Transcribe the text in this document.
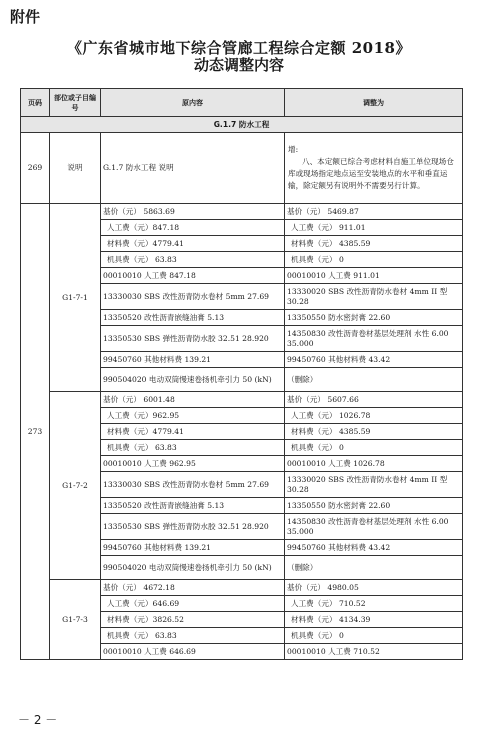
附件
《广东省城市地下综合管廊工程综合定额 2018》
动态调整内容
页码	部位或子目编号	原内容	调整为
G.1.7 防水工程			
269	说明	G.1.7 防水工程 说明	增:
八、本定额已综合考虑材料自施工单位现场仓库或现场指定地点运至安装地点的水平和垂直运输，除定额另有说明外不需要另行计算。

273	G1-7-1	基价（元） 5863.69	基价（元） 5469.87
		人工费（元）847.18	人工费（元） 911.01
		材料费（元）4779.41	材料费（元） 4385.59
		机具费（元） 63.83	机具费（元） 0
		00010010 人工费 847.18	00010010 人工费 911.01
		13330030 SBS 改性沥青防水卷材 5mm 27.69	13330020 SBS 改性沥青防水卷材 4mm II 型 30.28
		13350520 改性沥青嵌缝油膏 5.13	13350550 防水密封膏 22.60
		13350530 SBS 弹性沥青防水胶 32.51 28.920	14350830 改性沥青卷材基层处理剂 水性 6.00 35.000
		99450760 其他材料费 139.21	99450760 其他材料费 43.42
		990504020 电动双筒慢速卷扬机牵引力 50 (kN)	（删除）
	G1-7-2	基价（元） 6001.48	基价（元） 5607.66
		人工费（元）962.95	人工费（元） 1026.78
		材料费（元）4779.41	材料费（元） 4385.59
		机具费（元） 63.83	机具费（元） 0
		00010010 人工费 962.95	00010010 人工费 1026.78
		13330030 SBS 改性沥青防水卷材 5mm 27.69	13330020 SBS 改性沥青防水卷材 4mm II 型 30.28
		13350520 改性沥青嵌缝油膏 5.13	13350550 防水密封膏 22.60
		13350530 SBS 弹性沥青防水胶 32.51 28.920	14350830 改性沥青卷材基层处理剂 水性 6.00 35.000
		99450760 其他材料费 139.21	99450760 其他材料费 43.42
		990504020 电动双筒慢速卷扬机牵引力 50 (kN)	（删除）
	G1-7-3	基价（元） 4672.18	基价（元） 4980.05
		人工费（元）646.69	人工费（元） 710.52
		材料费（元）3826.52	材料费（元） 4134.39
		机具费（元） 63.83	机具费（元） 0
		00010010 人工费 646.69	00010010 人工费 710.52
－ 2 －
